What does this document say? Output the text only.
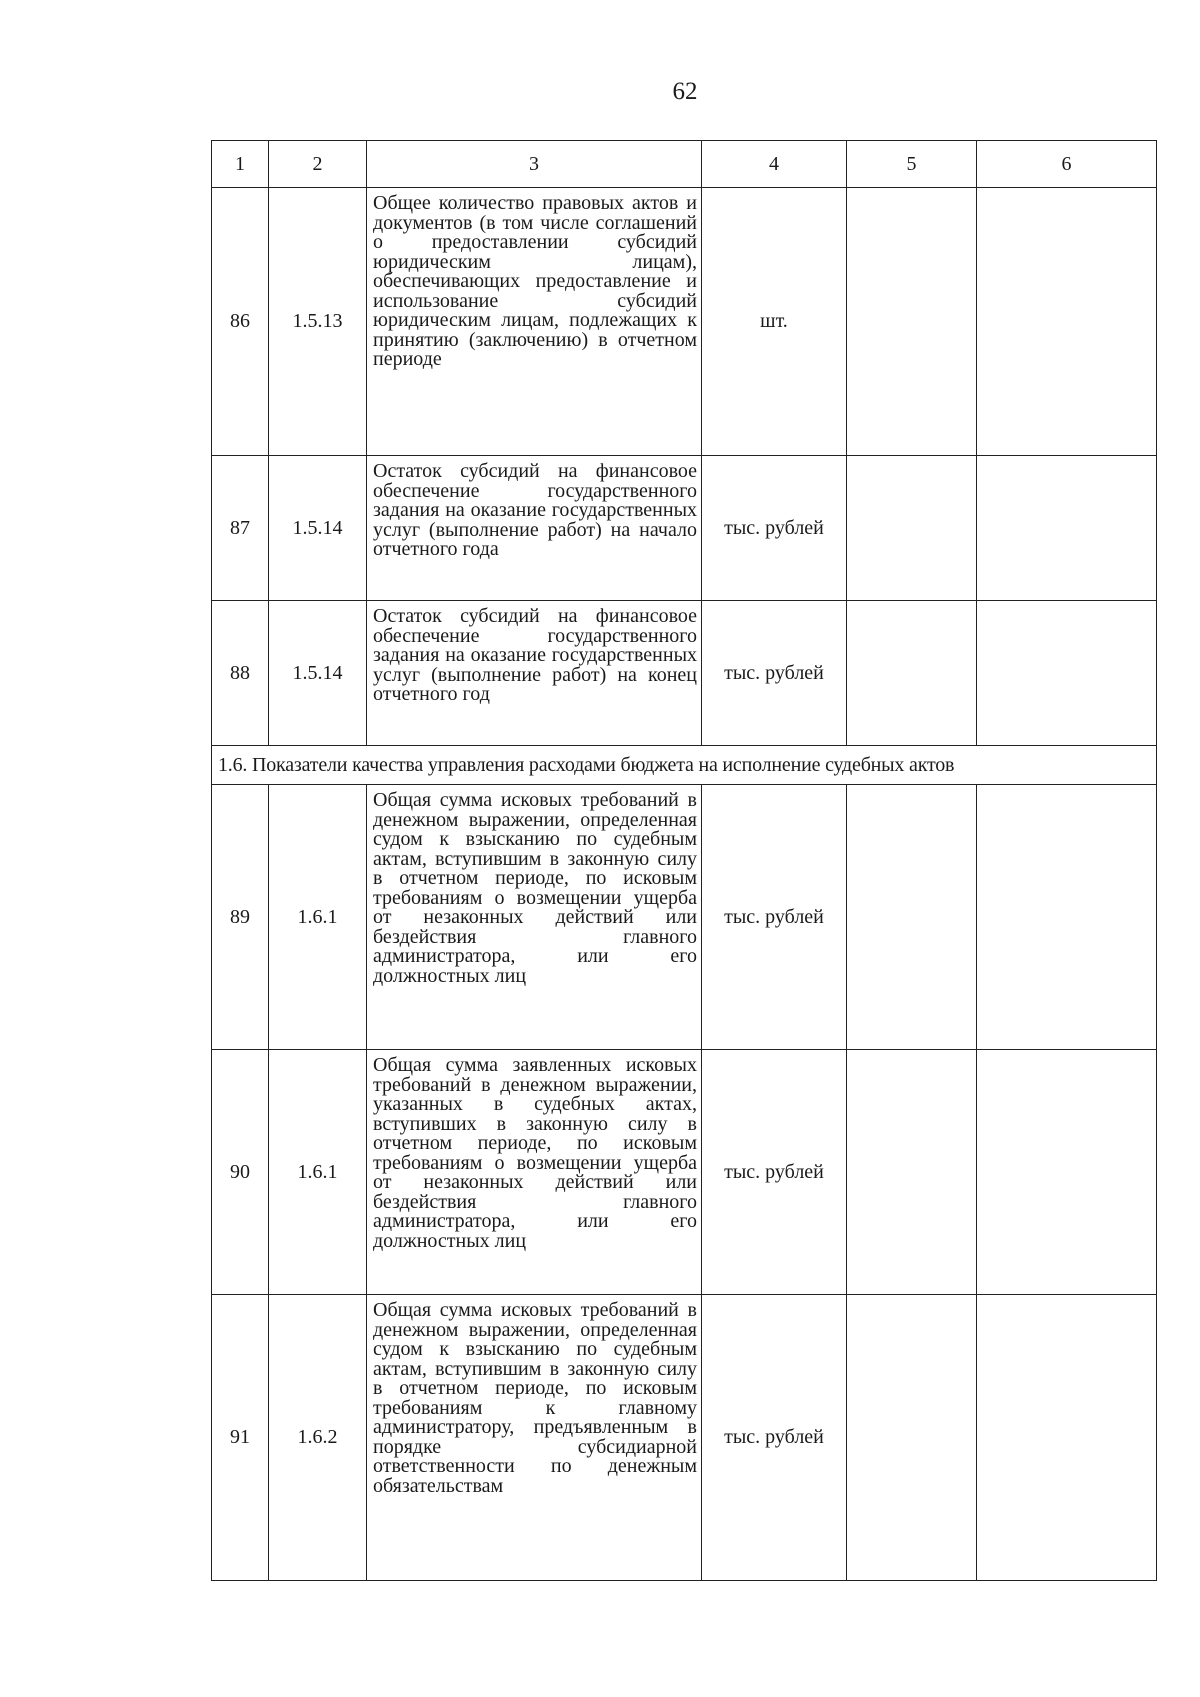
62
1	2	3	4	5	6
86	1.5.13	Общее количество правовых актов и документов (в том числе соглашений о предоставлении субсидий юридическим лицам), обеспечивающих предоставление и использование субсидий юридическим лицам, подлежащих к принятию (заключению) в отчетном периоде	шт.		
87	1.5.14	Остаток субсидий на финансовое обеспечение государственного задания на оказание государственных услуг (выполнение работ) на начало отчетного года	тыс. рублей		
88	1.5.14	Остаток субсидий на финансовое обеспечение государственного задания на оказание государственных услуг (выполнение работ) на конец отчетного год	тыс. рублей		
1.6. Показатели качества управления расходами бюджета на исполнение судебных актов					
89	1.6.1	Общая сумма исковых требований в денежном выражении, определенная судом к взысканию по судебным актам, вступившим в законную силу в отчетном периоде, по исковым требованиям о возмещении ущерба от незаконных действий или бездействия главного администратора, или его должностных лиц	тыс. рублей		
90	1.6.1	Общая сумма заявленных исковых требований в денежном выражении, указанных в судебных актах, вступивших в законную силу в отчетном периоде, по исковым требованиям о возмещении ущерба от незаконных действий или бездействия главного администратора, или его должностных лиц	тыс. рублей		
91	1.6.2	Общая сумма исковых требований в денежном выражении, определенная судом к взысканию по судебным актам, вступившим в законную силу в отчетном периоде, по исковым требованиям к главному администратору, предъявленным в порядке субсидиарной ответственности по денежным обязательствам	тыс. рублей		
